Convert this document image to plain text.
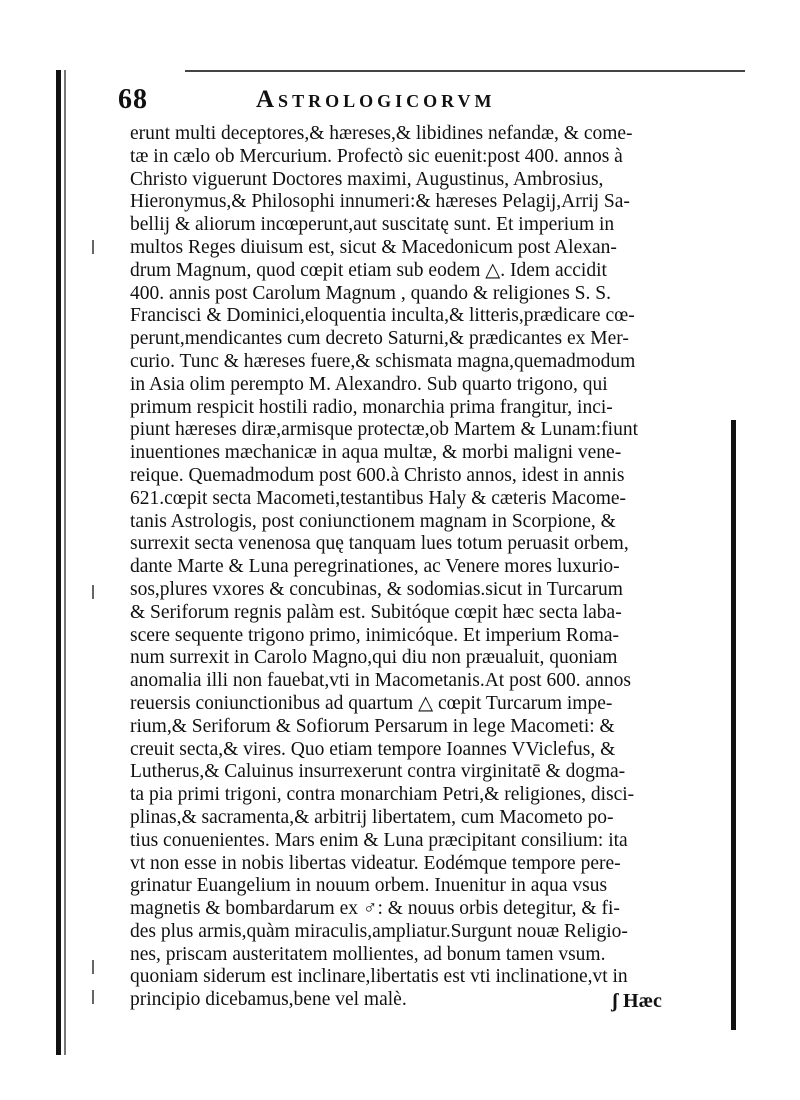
68	Astrologicorvm
erunt multi deceptores,& hæreses,& libidines nefandæ, & come-
tæ in cælo ob Mercurium. Profectò sic euenit:post 400. annos à
Christo viguerunt Doctores maximi, Augustinus, Ambrosius,
Hieronymus,& Philosophi innumeri:& hæreses Pelagij,Arrij Sa-
bellij & aliorum incœperunt,aut suscitatę sunt. Et imperium in
multos Reges diuisum est, sicut & Macedonicum post Alexan-
drum Magnum, quod cœpit etiam sub eodem △. Idem accidit
400. annis post Carolum Magnum , quando & religiones S. S.
Francisci & Dominici,eloquentia inculta,& litteris,prædicare cœ-
perunt,mendicantes cum decreto Saturni,& prædicantes ex Mer-
curio. Tunc & hæreses fuere,& schismata magna,quemadmodum
in Asia olim perempto M. Alexandro. Sub quarto trigono, qui
primum respicit hostili radio, monarchia prima frangitur, inci-
piunt hæreses diræ,armisque protectæ,ob Martem & Lunam:fiunt
inuentiones mæchanicæ in aqua multæ, & morbi maligni vene-
reique. Quemadmodum post 600.à Christo annos, idest in annis
621.cœpit secta Macometi,testantibus Haly & cæteris Macome-
tanis Astrologis, post coniunctionem magnam in Scorpione, &
surrexit secta venenosa quę tanquam lues totum peruasit orbem,
dante Marte & Luna peregrinationes, ac Venere mores luxurio-
sos,plures vxores & concubinas, & sodomias.sicut in Turcarum
& Seriforum regnis palàm est. Subitóque cœpit hæc secta laba-
scere sequente trigono primo, inimicóque. Et imperium Roma-
num surrexit in Carolo Magno,qui diu non præualuit, quoniam
anomalia illi non fauebat,vti in Macometanis.At post 600. annos
reuersis coniunctionibus ad quartum △ cœpit Turcarum impe-
rium,& Seriforum & Sofiorum Persarum in lege Macometi: &
creuit secta,& vires. Quo etiam tempore Ioannes VViclefus, &
Lutherus,& Caluinus insurrexerunt contra virginitatē & dogma-
ta pia primi trigoni, contra monarchiam Petri,& religiones, disci-
plinas,& sacramenta,& arbitrij libertatem, cum Macometo po-
tius conuenientes. Mars enim & Luna præcipitant consilium: ita
vt non esse in nobis libertas videatur. Eodémque tempore pere-
grinatur Euangelium in nouum orbem. Inuenitur in aqua vsus
magnetis & bombardarum ex ♂: & nouus orbis detegitur, & fi-
des plus armis,quàm miraculis,ampliatur.Surgunt nouæ Religio-
nes, priscam austeritatem mollientes, ad bonum tamen vsum.
quoniam siderum est inclinare,libertatis est vti inclinatione,vt in
principio dicebamus,bene vel malè.	ʃ Hæc
